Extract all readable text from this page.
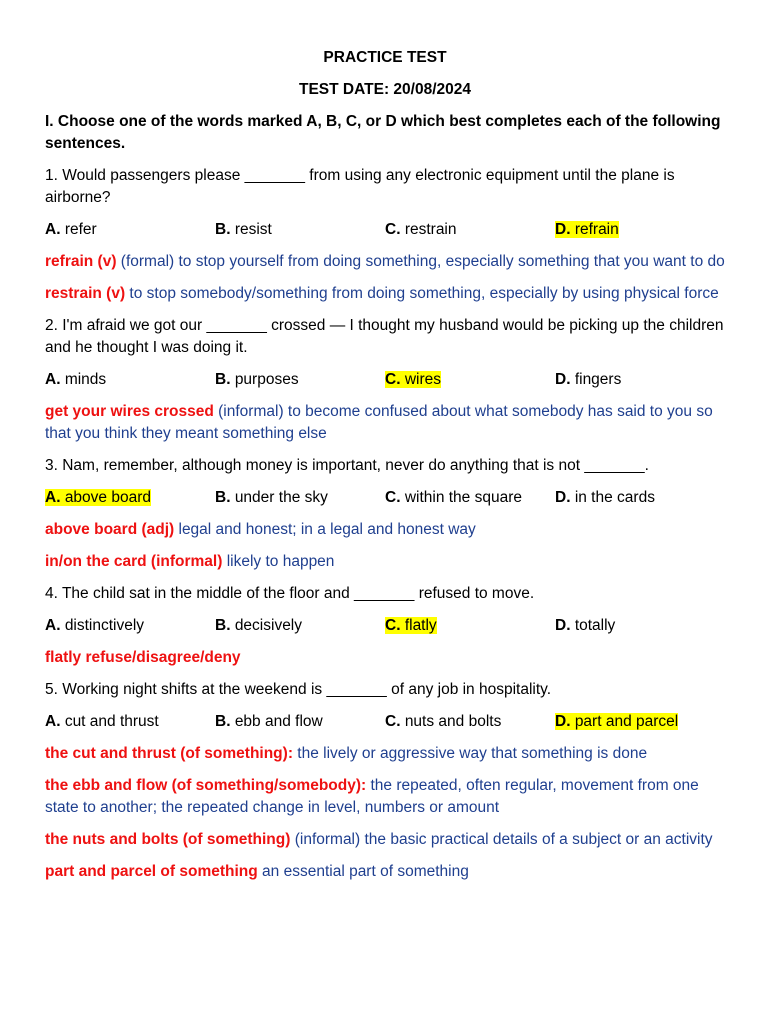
PRACTICE TEST
TEST DATE: 20/08/2024
I. Choose one of the words marked A, B, C, or D which best completes each of the following sentences.
1. Would passengers please _______ from using any electronic equipment until the plane is airborne?
A. refer	B. resist	C. restrain	D. refrain
refrain (v) (formal) to stop yourself from doing something, especially something that you want to do
restrain (v) to stop somebody/something from doing something, especially by using physical force
2. I'm afraid we got our _______ crossed — I thought my husband would be picking up the children and he thought I was doing it.
A. minds	B. purposes	C. wires	D. fingers
get your wires crossed (informal) to become confused about what somebody has said to you so that you think they meant something else
3. Nam, remember, although money is important, never do anything that is not _______.
A. above board	B. under the sky	C. within the square	D. in the cards
above board (adj) legal and honest; in a legal and honest way
in/on the card (informal) likely to happen
4. The child sat in the middle of the floor and _______ refused to move.
A. distinctively	B. decisively	C. flatly	D. totally
flatly refuse/disagree/deny
5. Working night shifts at the weekend is _______ of any job in hospitality.
A. cut and thrust	B. ebb and flow	C. nuts and bolts	D. part and parcel
the cut and thrust (of something): the lively or aggressive way that something is done
the ebb and flow (of something/somebody): the repeated, often regular, movement from one state to another; the repeated change in level, numbers or amount
the nuts and bolts (of something) (informal) the basic practical details of a subject or an activity
part and parcel of something an essential part of something
